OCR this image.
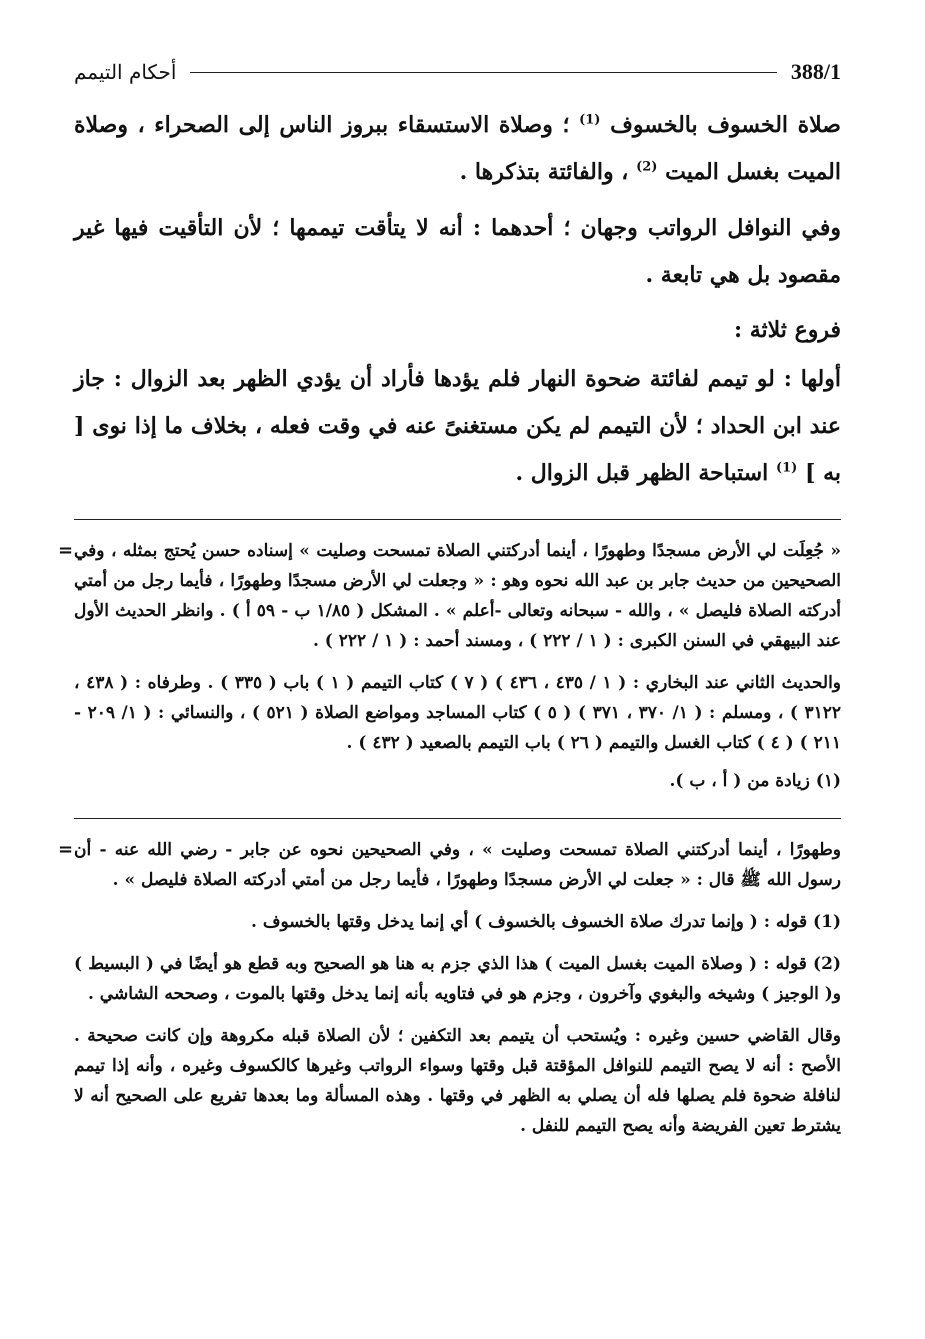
388/1
أحكام التيمم

صلاة الخسوف بالخسوف $^{(1)}$ ؛ وصلاة الاستسقاء ببروز الناس إلى الصحراء ، وصلاة الميت بغسل الميت $^{(2)}$ ، والفائتة بتذكرها .

وفي النوافل الرواتب وجهان ؛ أحدهما : أنه لا يتأقت تيممها ؛ لأن التأقيت فيها غير مقصود بل هي تابعة .

فروع ثلاثة :

أولها : لو تيمم لفائتة ضحوة النهار فلم يؤدها فأراد أن يؤدي الظهر بعد الزوال : جاز عند ابن الحداد ؛ لأن التيمم لم يكن مستغنىً عنه في وقت فعله ، بخلاف ما إذا نوى [ به ] $^{(1)}$ استباحة الظهر قبل الزوال .

= « جُعِلَت لي الأرض مسجدًا وطهورًا ، أينما أدركتني الصلاة تمسحت وصليت » إسناده حسن يُحتج بمثله ، وفي الصحيحين من حديث جابر بن عبد الله نحوه وهو : « وجعلت لي الأرض مسجدًا وطهورًا ، فأيما رجل من أمتي أدركته الصلاة فليصل » ، والله - سبحانه وتعالى -أعلم » . المشكل ( ١/٨٥ ب - ٥٩ أ ) . وانظر الحديث الأول عند البيهقي في السنن الكبرى : ( ١ / ٢٢٢ ) ، ومسند أحمد : ( ١ / ٢٢٢ ) .

والحديث الثاني عند البخاري : ( ١ / ٤٣٥ ، ٤٣٦ ) ( ٧ ) كتاب التيمم ( ١ ) باب ( ٣٣٥ ) . وطرفاه : ( ٤٣٨ ، ٣١٢٢ ) ، ومسلم : ( ١/ ٣٧٠ ، ٣٧١ ) ( ٥ ) كتاب المساجد ومواضع الصلاة ( ٥٢١ ) ، والنسائي : ( ١/ ٢٠٩ - ٢١١ ) ( ٤ ) كتاب الغسل والتيمم ( ٢٦ ) باب التيمم بالصعيد ( ٤٣٢ ) .

(١) زيادة من ( أ ، ب ).

= وطهورًا ، أينما أدركتني الصلاة تمسحت وصليت » ، وفي الصحيحين نحوه عن جابر - رضي الله عنه - أن رسول الله ﷺ قال : « جعلت لي الأرض مسجدًا وطهورًا ، فأيما رجل من أمتي أدركته الصلاة فليصل » .

(1) قوله : ( وإنما تدرك صلاة الخسوف بالخسوف ) أي إنما يدخل وقتها بالخسوف .

(2) قوله : ( وصلاة الميت بغسل الميت ) هذا الذي جزم به هنا هو الصحيح وبه قطع هو أيضًا في ( البسيط ) و( الوجيز ) وشيخه والبغوي وآخرون ، وجزم هو في فتاويه بأنه إنما يدخل وقتها بالموت ، وصححه الشاشي .

وقال القاضي حسين وغيره : ويُستحب أن يتيمم بعد التكفين ؛ لأن الصلاة قبله مكروهة وإن كانت صحيحة . الأصح : أنه لا يصح التيمم للنوافل المؤقتة قبل وقتها وسواء الرواتب وغيرها كالكسوف وغيره ، وأنه إذا تيمم لنافلة ضحوة فلم يصلها فله أن يصلي به الظهر في وقتها . وهذه المسألة وما بعدها تفريع على الصحيح أنه لا يشترط تعين الفريضة وأنه يصح التيمم للنفل .
